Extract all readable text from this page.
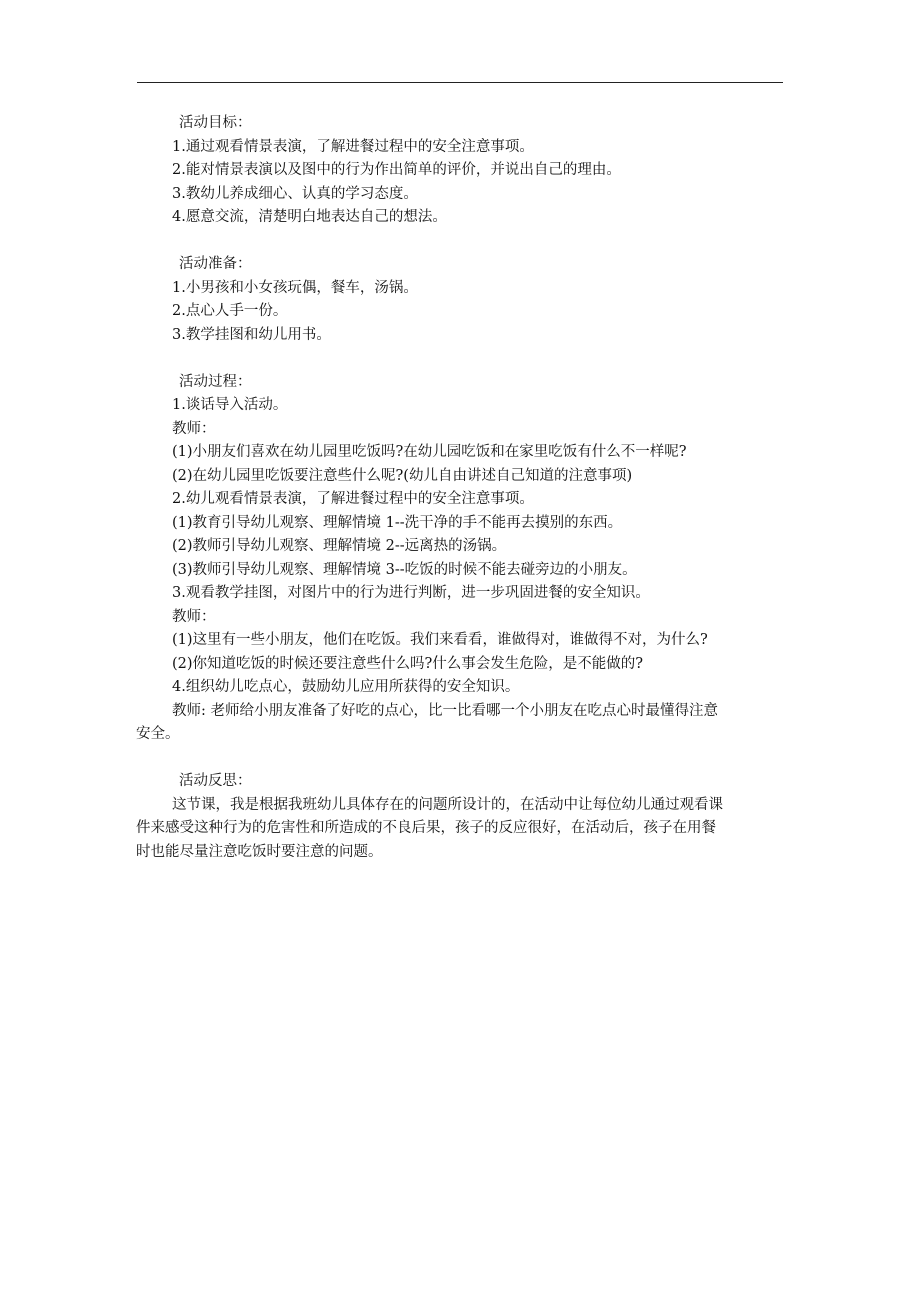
活动目标：
1.通过观看情景表演，了解进餐过程中的安全注意事项。
2.能对情景表演以及图中的行为作出简单的评价，并说出自己的理由。
3.教幼儿养成细心、认真的学习态度。
4.愿意交流，清楚明白地表达自己的想法。
活动准备：
1.小男孩和小女孩玩偶，餐车，汤锅。
2.点心人手一份。
3.教学挂图和幼儿用书。
活动过程：
1.谈话导入活动。
教师：
(1)小朋友们喜欢在幼儿园里吃饭吗?在幼儿园吃饭和在家里吃饭有什么不一样呢?
(2)在幼儿园里吃饭要注意些什么呢?(幼儿自由讲述自己知道的注意事项)
2.幼儿观看情景表演，了解进餐过程中的安全注意事项。
(1)教育引导幼儿观察、理解情境 1--洗干净的手不能再去摸别的东西。
(2)教师引导幼儿观察、理解情境 2--远离热的汤锅。
(3)教师引导幼儿观察、理解情境 3--吃饭的时候不能去碰旁边的小朋友。
3.观看教学挂图，对图片中的行为进行判断，进一步巩固进餐的安全知识。
教师：
(1)这里有一些小朋友，他们在吃饭。我们来看看，谁做得对，谁做得不对，为什么?
(2)你知道吃饭的时候还要注意些什么吗?什么事会发生危险，是不能做的?
4.组织幼儿吃点心，鼓励幼儿应用所获得的安全知识。
教师: 老师给小朋友准备了好吃的点心，比一比看哪一个小朋友在吃点心时最懂得注意
安全。
活动反思：
这节课，我是根据我班幼儿具体存在的问题所设计的，在活动中让每位幼儿通过观看课
件来感受这种行为的危害性和所造成的不良后果，孩子的反应很好，在活动后，孩子在用餐
时也能尽量注意吃饭时要注意的问题。
